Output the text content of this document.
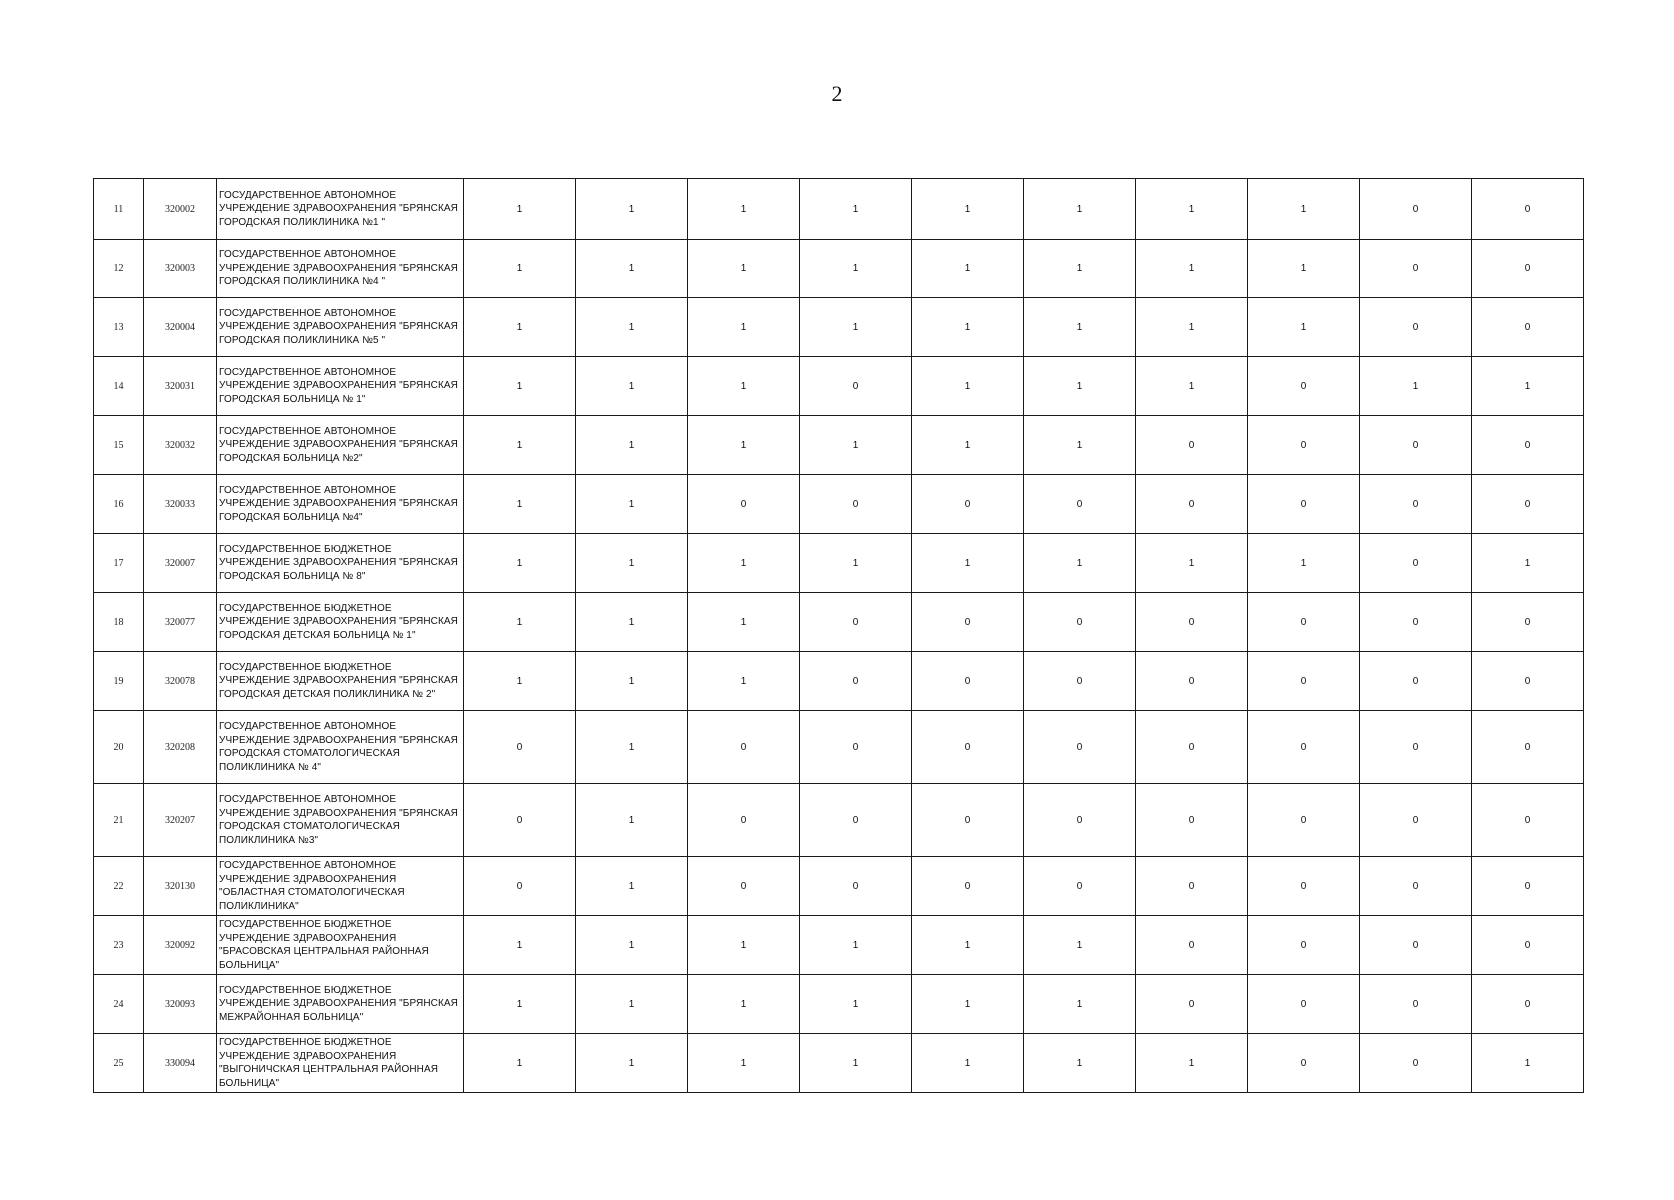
2
11	320002	ГОСУДАРСТВЕННОЕ АВТОНОМНОЕ УЧРЕЖДЕНИЕ ЗДРАВООХРАНЕНИЯ "БРЯНСКАЯ ГОРОДСКАЯ ПОЛИКЛИНИКА №1 "	1	1	1	1	1	1	1	1	0	0
12	320003	ГОСУДАРСТВЕННОЕ АВТОНОМНОЕ УЧРЕЖДЕНИЕ ЗДРАВООХРАНЕНИЯ "БРЯНСКАЯ ГОРОДСКАЯ ПОЛИКЛИНИКА №4 "	1	1	1	1	1	1	1	1	0	0
13	320004	ГОСУДАРСТВЕННОЕ АВТОНОМНОЕ УЧРЕЖДЕНИЕ ЗДРАВООХРАНЕНИЯ "БРЯНСКАЯ ГОРОДСКАЯ ПОЛИКЛИНИКА №5 "	1	1	1	1	1	1	1	1	0	0
14	320031	ГОСУДАРСТВЕННОЕ АВТОНОМНОЕ УЧРЕЖДЕНИЕ ЗДРАВООХРАНЕНИЯ "БРЯНСКАЯ ГОРОДСКАЯ БОЛЬНИЦА № 1"	1	1	1	0	1	1	1	0	1	1
15	320032	ГОСУДАРСТВЕННОЕ АВТОНОМНОЕ УЧРЕЖДЕНИЕ ЗДРАВООХРАНЕНИЯ "БРЯНСКАЯ ГОРОДСКАЯ БОЛЬНИЦА №2"	1	1	1	1	1	1	0	0	0	0
16	320033	ГОСУДАРСТВЕННОЕ АВТОНОМНОЕ УЧРЕЖДЕНИЕ ЗДРАВООХРАНЕНИЯ "БРЯНСКАЯ ГОРОДСКАЯ БОЛЬНИЦА №4"	1	1	0	0	0	0	0	0	0	0
17	320007	ГОСУДАРСТВЕННОЕ БЮДЖЕТНОЕ УЧРЕЖДЕНИЕ ЗДРАВООХРАНЕНИЯ "БРЯНСКАЯ ГОРОДСКАЯ БОЛЬНИЦА № 8"	1	1	1	1	1	1	1	1	0	1
18	320077	ГОСУДАРСТВЕННОЕ БЮДЖЕТНОЕ УЧРЕЖДЕНИЕ ЗДРАВООХРАНЕНИЯ "БРЯНСКАЯ ГОРОДСКАЯ ДЕТСКАЯ БОЛЬНИЦА № 1"	1	1	1	0	0	0	0	0	0	0
19	320078	ГОСУДАРСТВЕННОЕ БЮДЖЕТНОЕ УЧРЕЖДЕНИЕ ЗДРАВООХРАНЕНИЯ "БРЯНСКАЯ ГОРОДСКАЯ ДЕТСКАЯ ПОЛИКЛИНИКА № 2"	1	1	1	0	0	0	0	0	0	0
20	320208	ГОСУДАРСТВЕННОЕ АВТОНОМНОЕ УЧРЕЖДЕНИЕ ЗДРАВООХРАНЕНИЯ "БРЯНСКАЯ ГОРОДСКАЯ СТОМАТОЛОГИЧЕСКАЯ ПОЛИКЛИНИКА № 4"	0	1	0	0	0	0	0	0	0	0
21	320207	ГОСУДАРСТВЕННОЕ АВТОНОМНОЕ УЧРЕЖДЕНИЕ ЗДРАВООХРАНЕНИЯ "БРЯНСКАЯ ГОРОДСКАЯ СТОМАТОЛОГИЧЕСКАЯ ПОЛИКЛИНИКА №3"	0	1	0	0	0	0	0	0	0	0
22	320130	ГОСУДАРСТВЕННОЕ АВТОНОМНОЕ УЧРЕЖДЕНИЕ ЗДРАВООХРАНЕНИЯ "ОБЛАСТНАЯ СТОМАТОЛОГИЧЕСКАЯ ПОЛИКЛИНИКА"	0	1	0	0	0	0	0	0	0	0
23	320092	ГОСУДАРСТВЕННОЕ БЮДЖЕТНОЕ УЧРЕЖДЕНИЕ ЗДРАВООХРАНЕНИЯ "БРАСОВСКАЯ ЦЕНТРАЛЬНАЯ РАЙОННАЯ БОЛЬНИЦА"	1	1	1	1	1	1	0	0	0	0
24	320093	ГОСУДАРСТВЕННОЕ БЮДЖЕТНОЕ УЧРЕЖДЕНИЕ ЗДРАВООХРАНЕНИЯ "БРЯНСКАЯ МЕЖРАЙОННАЯ БОЛЬНИЦА"	1	1	1	1	1	1	0	0	0	0
25	330094	ГОСУДАРСТВЕННОЕ БЮДЖЕТНОЕ УЧРЕЖДЕНИЕ ЗДРАВООХРАНЕНИЯ "ВЫГОНИЧСКАЯ ЦЕНТРАЛЬНАЯ РАЙОННАЯ БОЛЬНИЦА"	1	1	1	1	1	1	1	0	0	1
